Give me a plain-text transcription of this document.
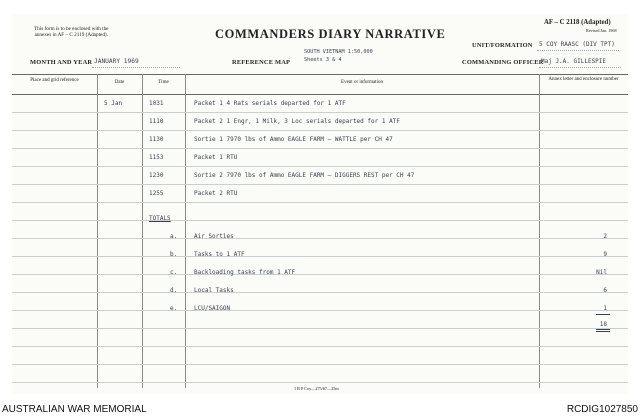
This form is to be enclosed with the
annexes in AF – C 2119 (Adapted).	COMMANDERS DIARY NARRATIVE
AF – C 2118 (Adapted)
Revised Jan. 1968
UNIT/FORMATION 5 COY RAASC (DIV TPT)
MONTH AND YEAR JANUARY 1969	REFERENCE MAP
SOUTH VIETNAM 1:50,000
Sheets 3 & 4	COMMANDING OFFICER
Maj J.A. GILLESPIE
Place and grid reference	Date	Time	Event or information
Annex letter and enclosure number
5 Jan	1031	Packet 1 4 Rats serials departed for 1 ATF
1110	Packet 2 1 Engr, 1 Milk, 3 Loc serials departed for 1 ATF
1130	Sortie 1 7970 lbs of Ammo EAGLE FARM – WATTLE per CH 47
1153	Packet 1 RTU
1230	Sortie 2 7970 lbs of Ammo EAGLE FARM – DIGGERS REST per CH 47
1255	Packet 2 RTU
TOTALS
a.	Air Sorties	2
b.	Tasks to 1 ATF	9
c.	Backloading tasks from 1 ATF	Nil
d.	Local Tasks	6
e.	LCU/SAIGON	1
18
1 R P Coy—275/67—25m
AUSTRALIAN WAR MEMORIAL	RCDIG1027850
